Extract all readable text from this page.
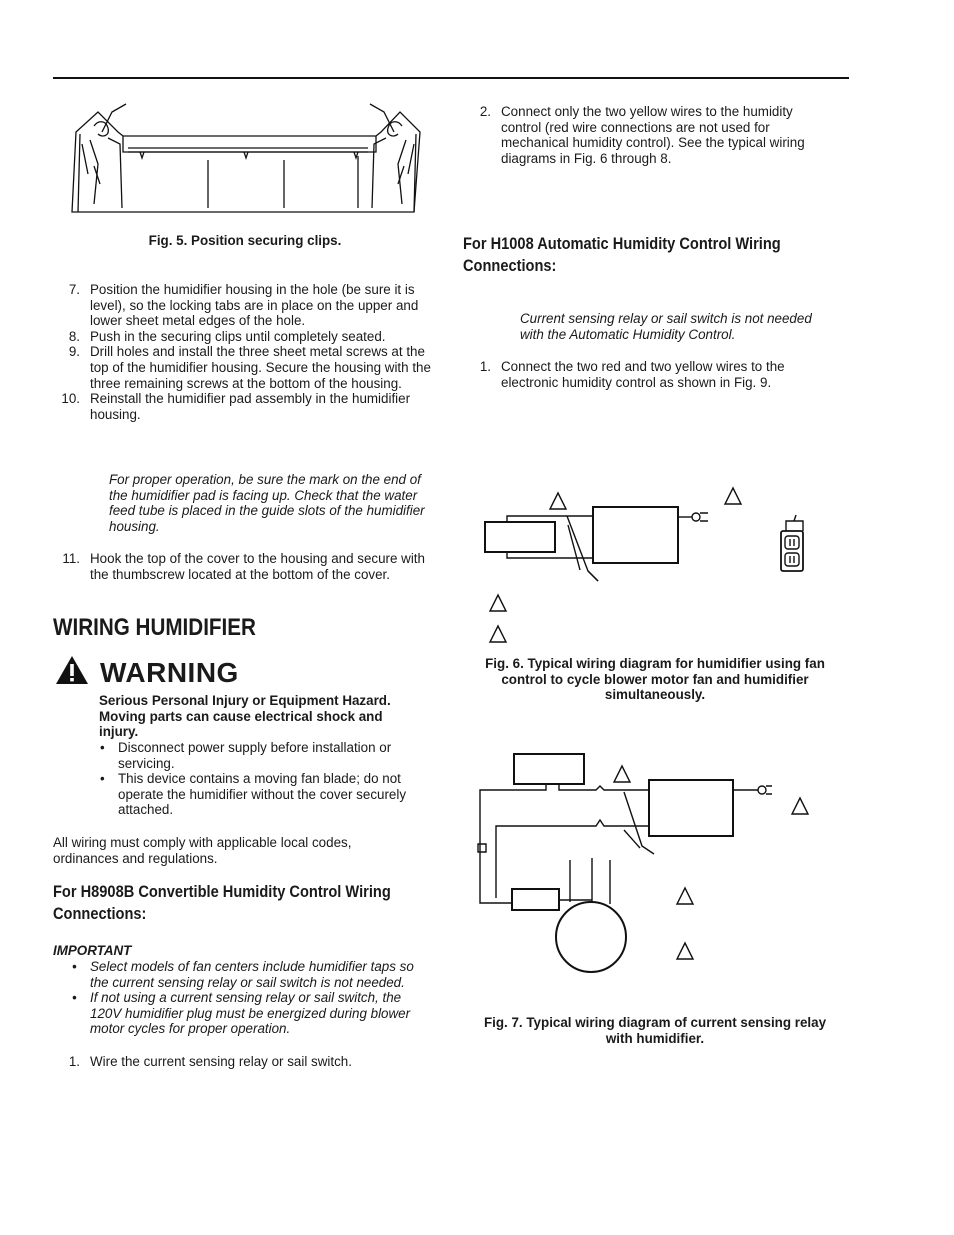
Fig. 5. Position securing clips.
7. Position the humidifier housing in the hole (be sure it is level), so the locking tabs are in place on the upper and lower sheet metal edges of the hole.
8. Push in the securing clips until completely seated.
9. Drill holes and install the three sheet metal screws at the top of the humidifier housing. Secure the housing with the three remaining screws at the bottom of the housing.
10. Reinstall the humidifier pad assembly in the humidifier housing.
For proper operation, be sure the mark on the end of the humidifier pad is facing up. Check that the water feed tube is placed in the guide slots of the humidifier housing.
11. Hook the top of the cover to the housing and secure with the thumbscrew located at the bottom of the cover.
WIRING HUMIDIFIER
WARNING
Serious Personal Injury or Equipment Hazard. Moving parts can cause electrical shock and injury.
• Disconnect power supply before installation or servicing.
• This device contains a moving fan blade; do not operate the humidifier without the cover securely attached.
All wiring must comply with applicable local codes, ordinances and regulations.
For H8908B Convertible Humidity Control Wiring Connections:
IMPORTANT
• Select models of fan centers include humidifier taps so the current sensing relay or sail switch is not needed.
• If not using a current sensing relay or sail switch, the 120V humidifier plug must be energized during blower motor cycles for proper operation.
1. Wire the current sensing relay or sail switch.
2. Connect only the two yellow wires to the humidity control (red wire connections are not used for mechanical humidity control). See the typical wiring diagrams in Fig. 6 through 8.
For H1008 Automatic Humidity Control Wiring Connections:
Current sensing relay or sail switch is not needed with the Automatic Humidity Control.
1. Connect the two red and two yellow wires to the electronic humidity control as shown in Fig. 9.
Fig. 6. Typical wiring diagram for humidifier using fan control to cycle blower motor fan and humidifier simultaneously.
Fig. 7. Typical wiring diagram of current sensing relay with humidifier.
